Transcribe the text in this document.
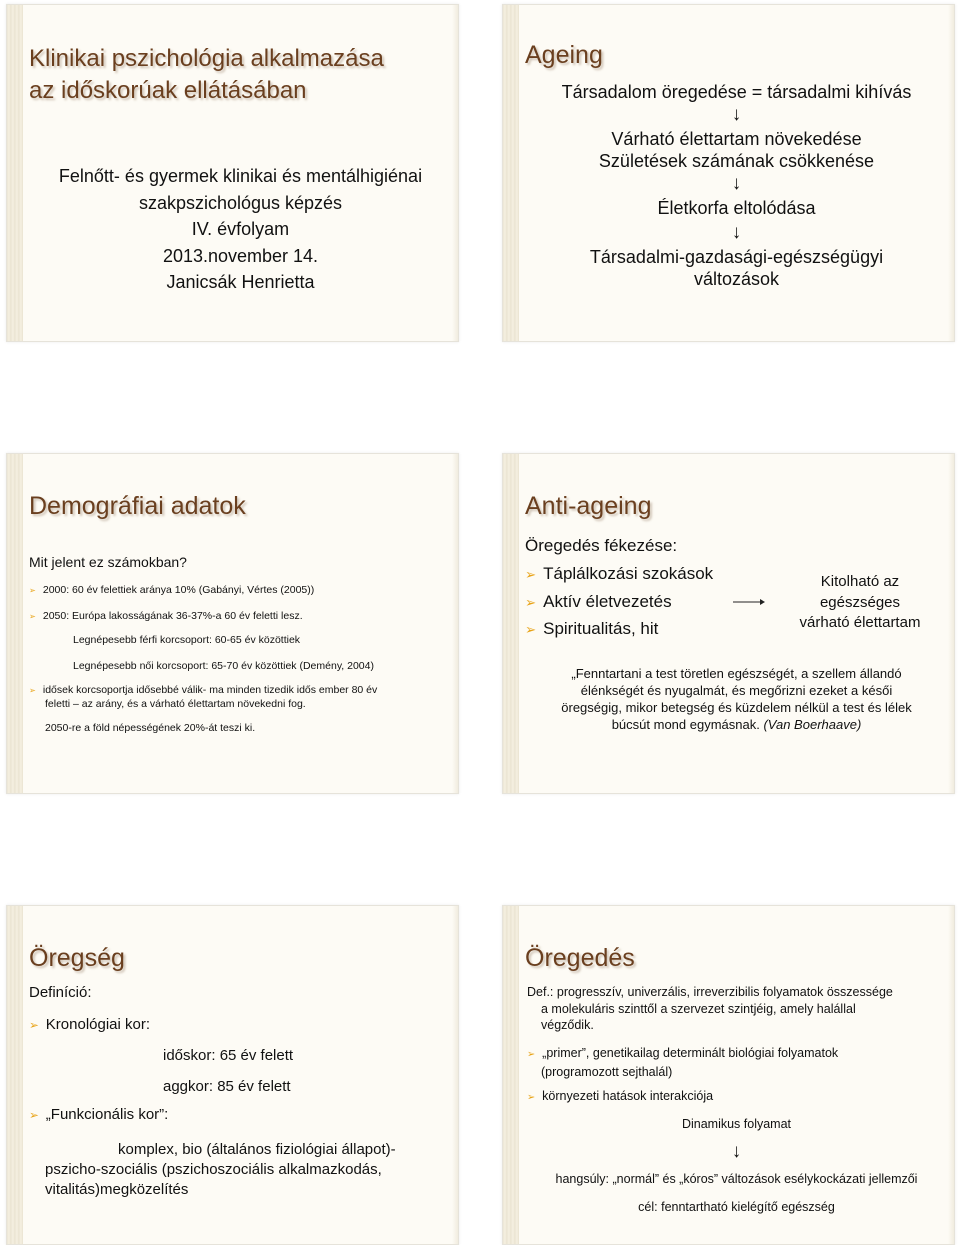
Klinikai pszichológia alkalmazása
az időskorúak ellátásában
Felnőtt- és gyermek klinikai és mentálhigiénai
szakpszichológus képzés
IV. évfolyam
2013.november 14.
Janicsák Henrietta
Ageing
Társadalom öregedése = társadalmi kihívás
↓
Várható élettartam növekedése
Születések számának csökkenése
↓
Életkorfa eltolódása
↓
Társadalmi-gazdasági-egészségügyi
változások
Demográfiai adatok
Mit jelent ez számokban?
➢ 2000: 60 év felettiek aránya 10% (Gabányi, Vértes (2005))
➢ 2050: Európa lakosságának 36-37%-a 60 év feletti lesz.
Legnépesebb férfi korcsoport: 60-65 év közöttiek
Legnépesebb női korcsoport: 65-70 év közöttiek (Demény, 2004)
➢ idősek korcsoportja idősebbé válik- ma minden tizedik idős ember 80 év
feletti – az arány, és a várható élettartam növekedni fog.
2050-re a föld népességének 20%-át teszi ki.
Anti-ageing
Öregedés fékezése:
➢ Táplálkozási szokások
➢ Aktív életvezetés
➢ Spiritualitás, hit
Kitolható az
egészséges
várható élettartam
„Fenntartani a test töretlen egészségét, a szellem állandó
élénkségét és nyugalmát, és megőrizni ezeket a késői
öregségig, mikor betegség és küzdelem nélkül a test és lélek
búcsút mond egymásnak. (Van Boerhaave)
Öregség
Definíció:
➢ Kronológiai kor:
időskor: 65 év felett
aggkor: 85 év felett
➢ „Funkcionális kor”:
komplex, bio (általános fiziológiai állapot)-
pszicho-szociális (pszichoszociális alkalmazkodás,
vitalitás)megközelítés
Öregedés
Def.: progresszív, univerzális, irreverzibilis folyamatok összessége
a molekuláris szinttől a szervezet szintjéig, amely halállal
végződik.
➢ „primer”, genetikailag determinált biológiai folyamatok
(programozott sejthalál)
➢ környezeti hatások interakciója
Dinamikus folyamat
↓
hangsúly: „normál” és „kóros” változások esélykockázati jellemzői
cél: fenntartható kielégítő egészség
